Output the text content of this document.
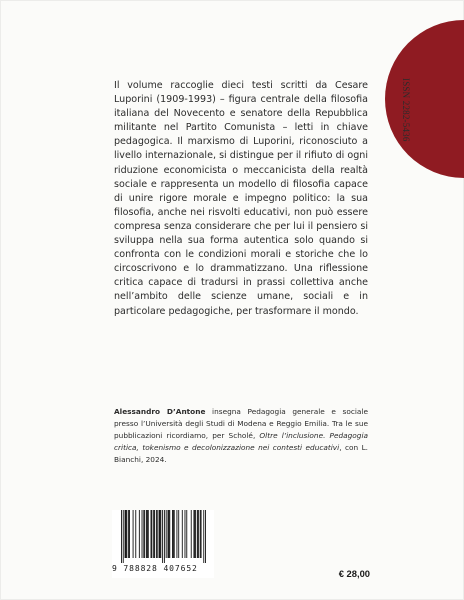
ISSN 2282-5436

Il volume raccoglie dieci testi scritti da Cesare Luporini (1909-1993) – figura centrale della filosofia italiana del Novecento e senatore della Repubblica militante nel Partito Comunista – letti in chiave pedagogica. Il marxismo di Luporini, riconosciuto a livello internazionale, si distingue per il rifiuto di ogni riduzione economicista o meccanicista della realtà sociale e rappresenta un modello di filosofia capace di unire rigore morale e impegno politico: la sua filosofia, anche nei risvolti educativi, non può essere compresa senza considerare che per lui il pensiero si sviluppa nella sua forma autentica solo quando si confronta con le condizioni morali e storiche che lo circoscrivono e lo drammatizzano. Una riflessione critica capace di tradursi in prassi collettiva anche nell’ambito delle scienze umane, sociali e in particolare pedagogiche, per trasformare il mondo.

Alessandro D’Antone insegna Pedagogia generale e sociale presso l’Università degli Studi di Modena e Reggio Emilia. Tra le sue pubblicazioni ricordiamo, per Scholé, Oltre l’inclusione. Pedagogia critica, tokenismo e decolonizzazione nei contesti educativi, con L. Bianchi, 2024.

9 788828 407652	€ 28,00
